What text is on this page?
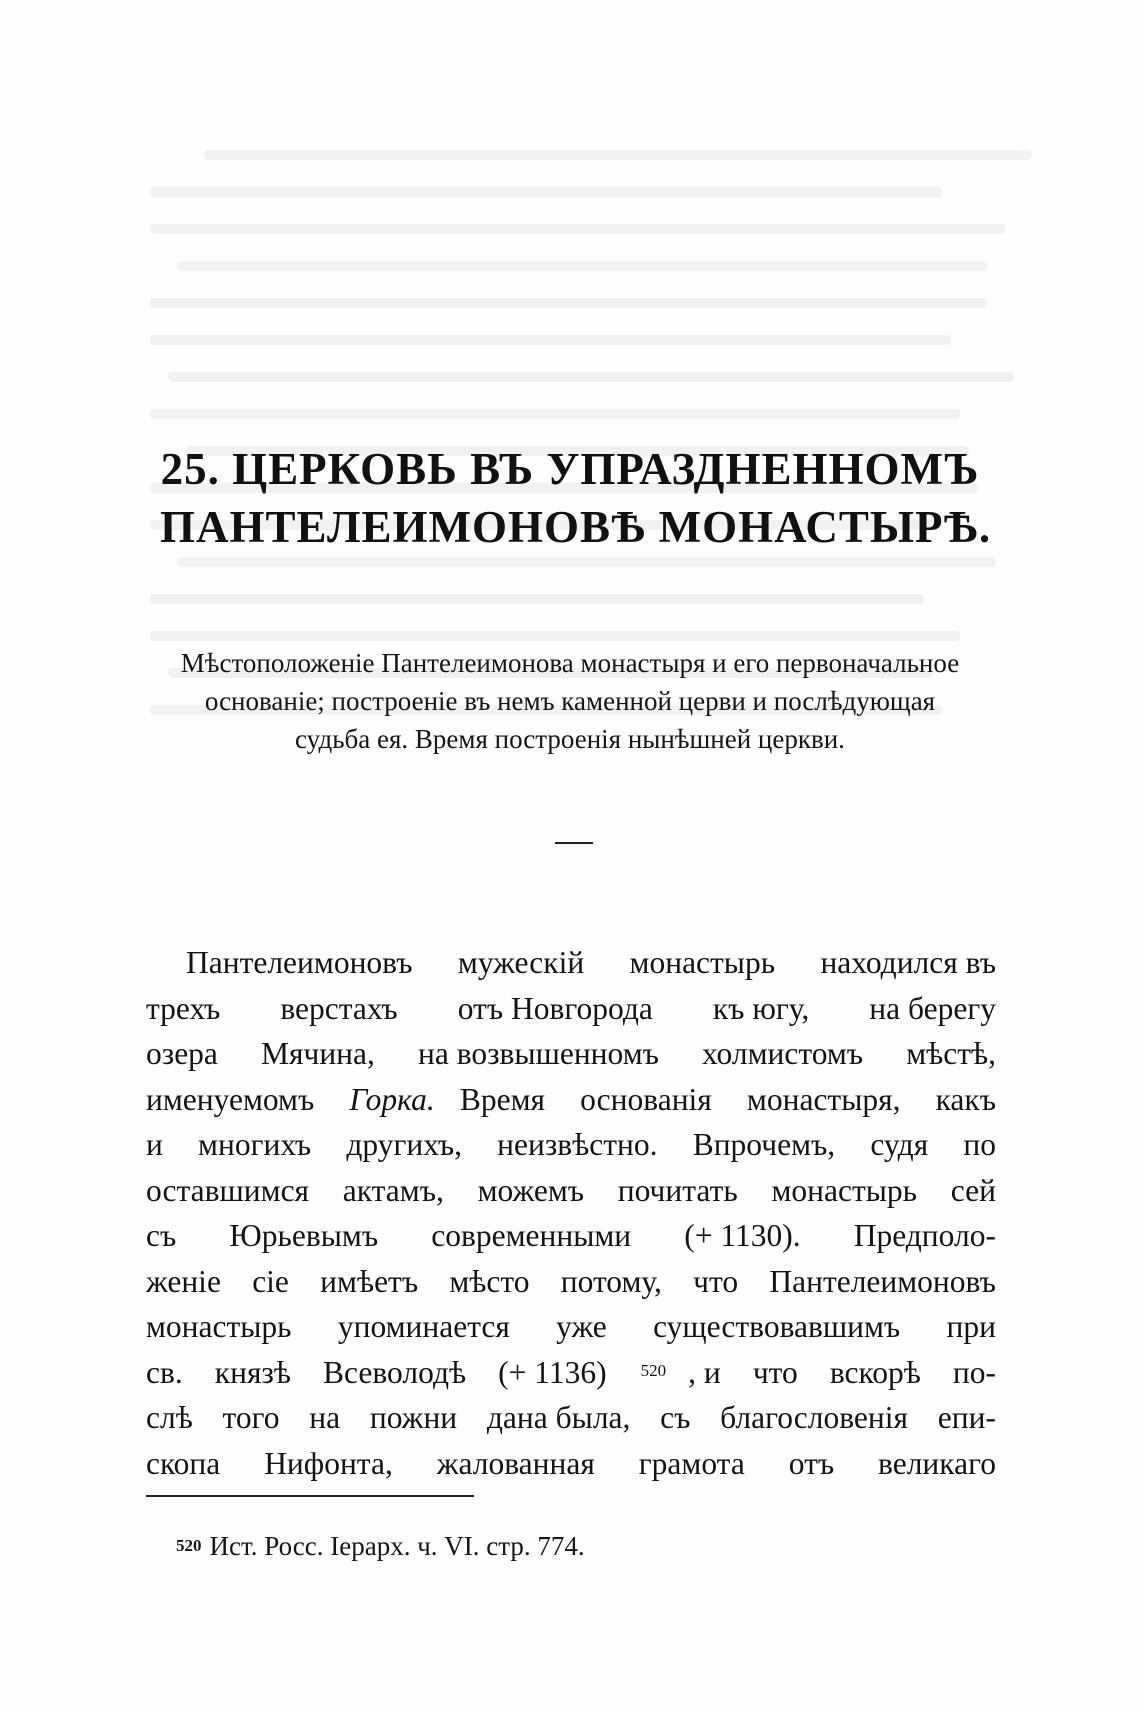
25. ЦЕРКОВЬ ВЪ УПРАЗДНЕННОМЪ
ПАНТЕЛЕИМОНОВѢ МОНАСТЫРѢ.
Мѣстоположеніе Пантелеимонова монастыря и его первоначальное
основаніе; построеніе въ немъ каменной церви и послѣдующая
судьба ея. Время построенія нынѣшней церкви.
Пантелеимоновъ мужескій монастырь находился въ
трехъ верстахъ отъ Новгорода къ югу, на берегу
озера Мячина, на возвышенномъ холмистомъ мѣстѣ,
именуемомъ Горка. Время основанія монастыря, какъ
и многихъ другихъ, неизвѣстно. Впрочемъ, судя по
оставшимся актамъ, можемъ почитать монастырь сей
съ Юрьевымъ современными (+ 1130). Предполо-
женіе сіе имѣетъ мѣсто потому, что Пантелеимоновъ
монастырь упоминается уже существовавшимъ при
св. князѣ Всеволодѣ (+ 1136) $^{520}$ , и что вскорѣ по-
слѣ того на пожни дана была, съ благословенія епи-
скопа Нифонта, жалованная грамота отъ великаго
$^{520}$ Ист. Росс. Іерарх. ч. VI. стр. 774.
